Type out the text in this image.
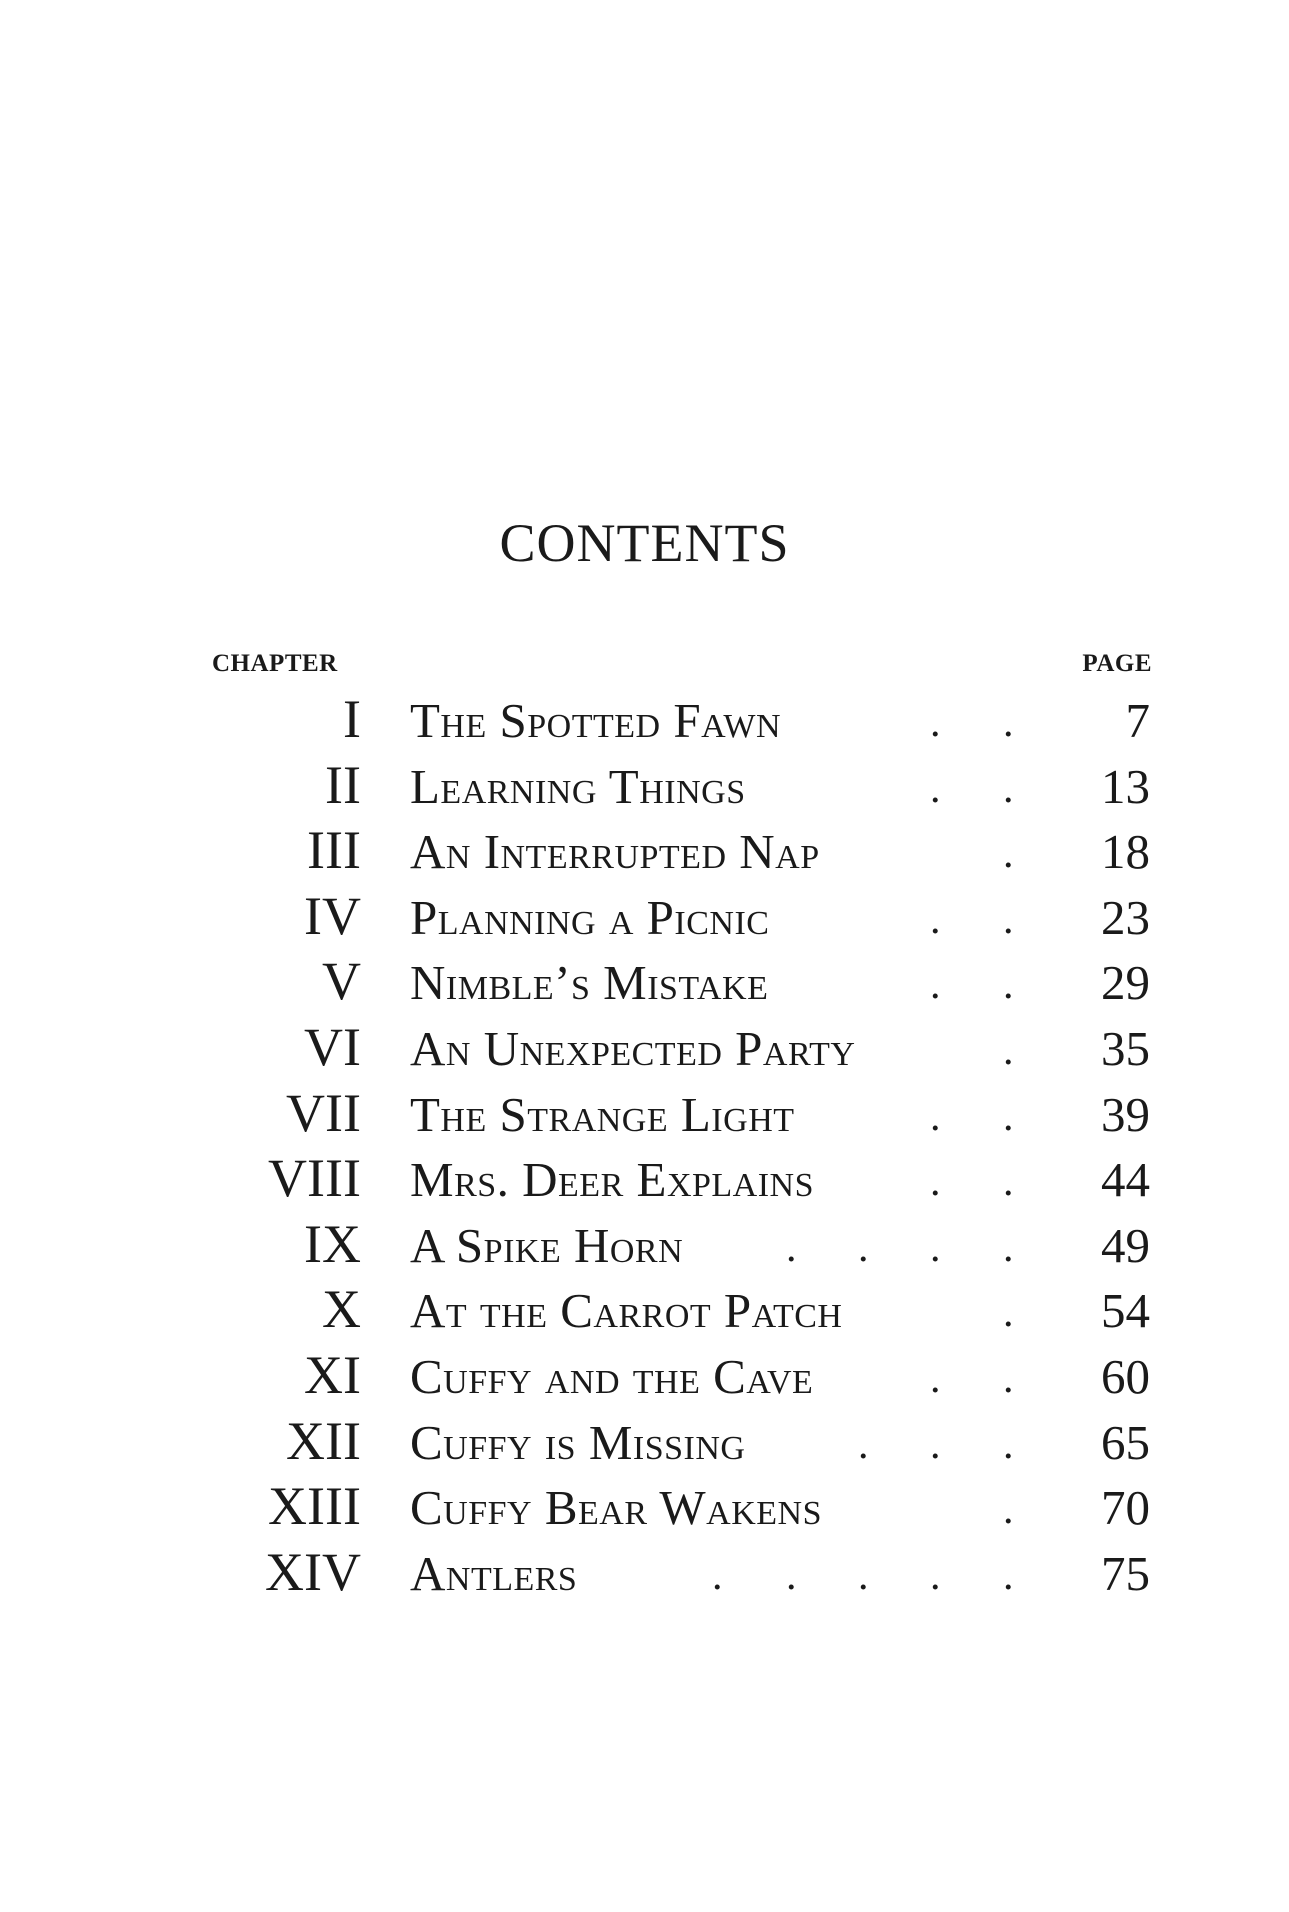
CONTENTS
CHAPTER	PAGE
I The Spotted Fawn	. .	7
II Learning Things	. .	13
III An Interrupted Nap	.	18
IV Planning a Picnic	. .	23
V Nimble’s Mistake	. .	29
VI An Unexpected Party	.	35
VII The Strange Light	. .	39
VIII Mrs. Deer Explains	. .	44
IX A Spike Horn . . . .	49
X At the Carrot Patch	.	54
XI Cuffy and the Cave	. .	60
XII Cuffy is Missing	. . .	65
XIII Cuffy Bear Wakens	.	70
XIV Antlers	. . . . .	75
